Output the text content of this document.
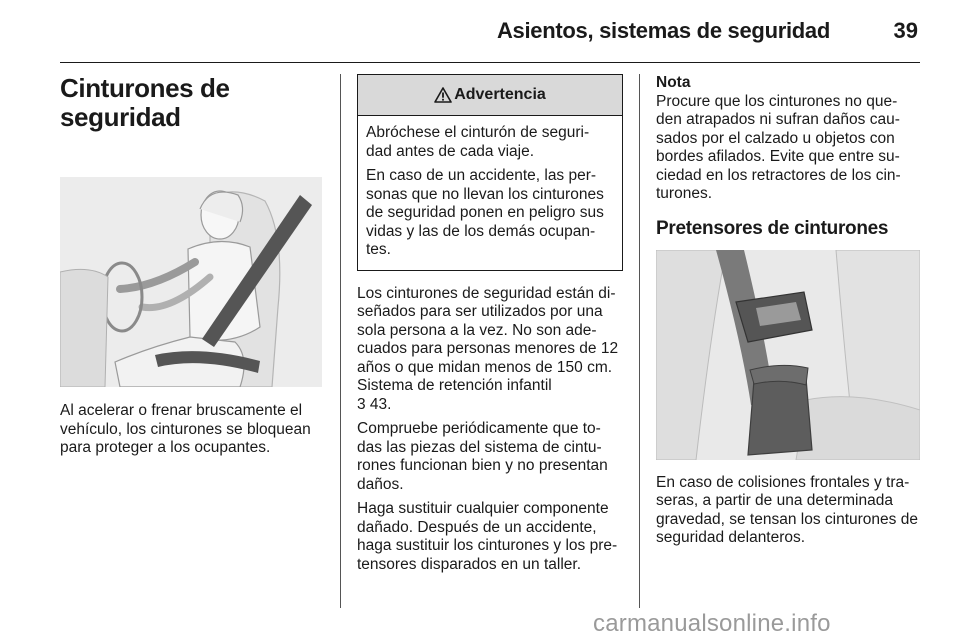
Asientos, sistemas de seguridad	39
Cinturones de
seguridad

Al acelerar o frenar bruscamente el vehículo, los cinturones se bloquean para proteger a los ocupantes.

Advertencia

Abróchese el cinturón de seguri-dad antes de cada viaje.

En caso de un accidente, las per-sonas que no llevan los cinturones de seguridad ponen en peligro sus vidas y las de los demás ocupan-tes.

Los cinturones de seguridad están di-señados para ser utilizados por una sola persona a la vez. No son ade-cuados para personas menores de 12 años o que midan menos de 150 cm. Sistema de retención infantil
3 43.

Compruebe periódicamente que to-das las piezas del sistema de cintu-rones funcionan bien y no presentan daños.

Haga sustituir cualquier componente dañado. Después de un accidente, haga sustituir los cinturones y los pre-tensores disparados en un taller.

Nota

Procure que los cinturones no que-den atrapados ni sufran daños cau-sados por el calzado u objetos con bordes afilados. Evite que entre su-ciedad en los retractores de los cin-turones.

Pretensores de cinturones

En caso de colisiones frontales y tra-seras, a partir de una determinada gravedad, se tensan los cinturones de seguridad delanteros.

carmanualsonline.info
